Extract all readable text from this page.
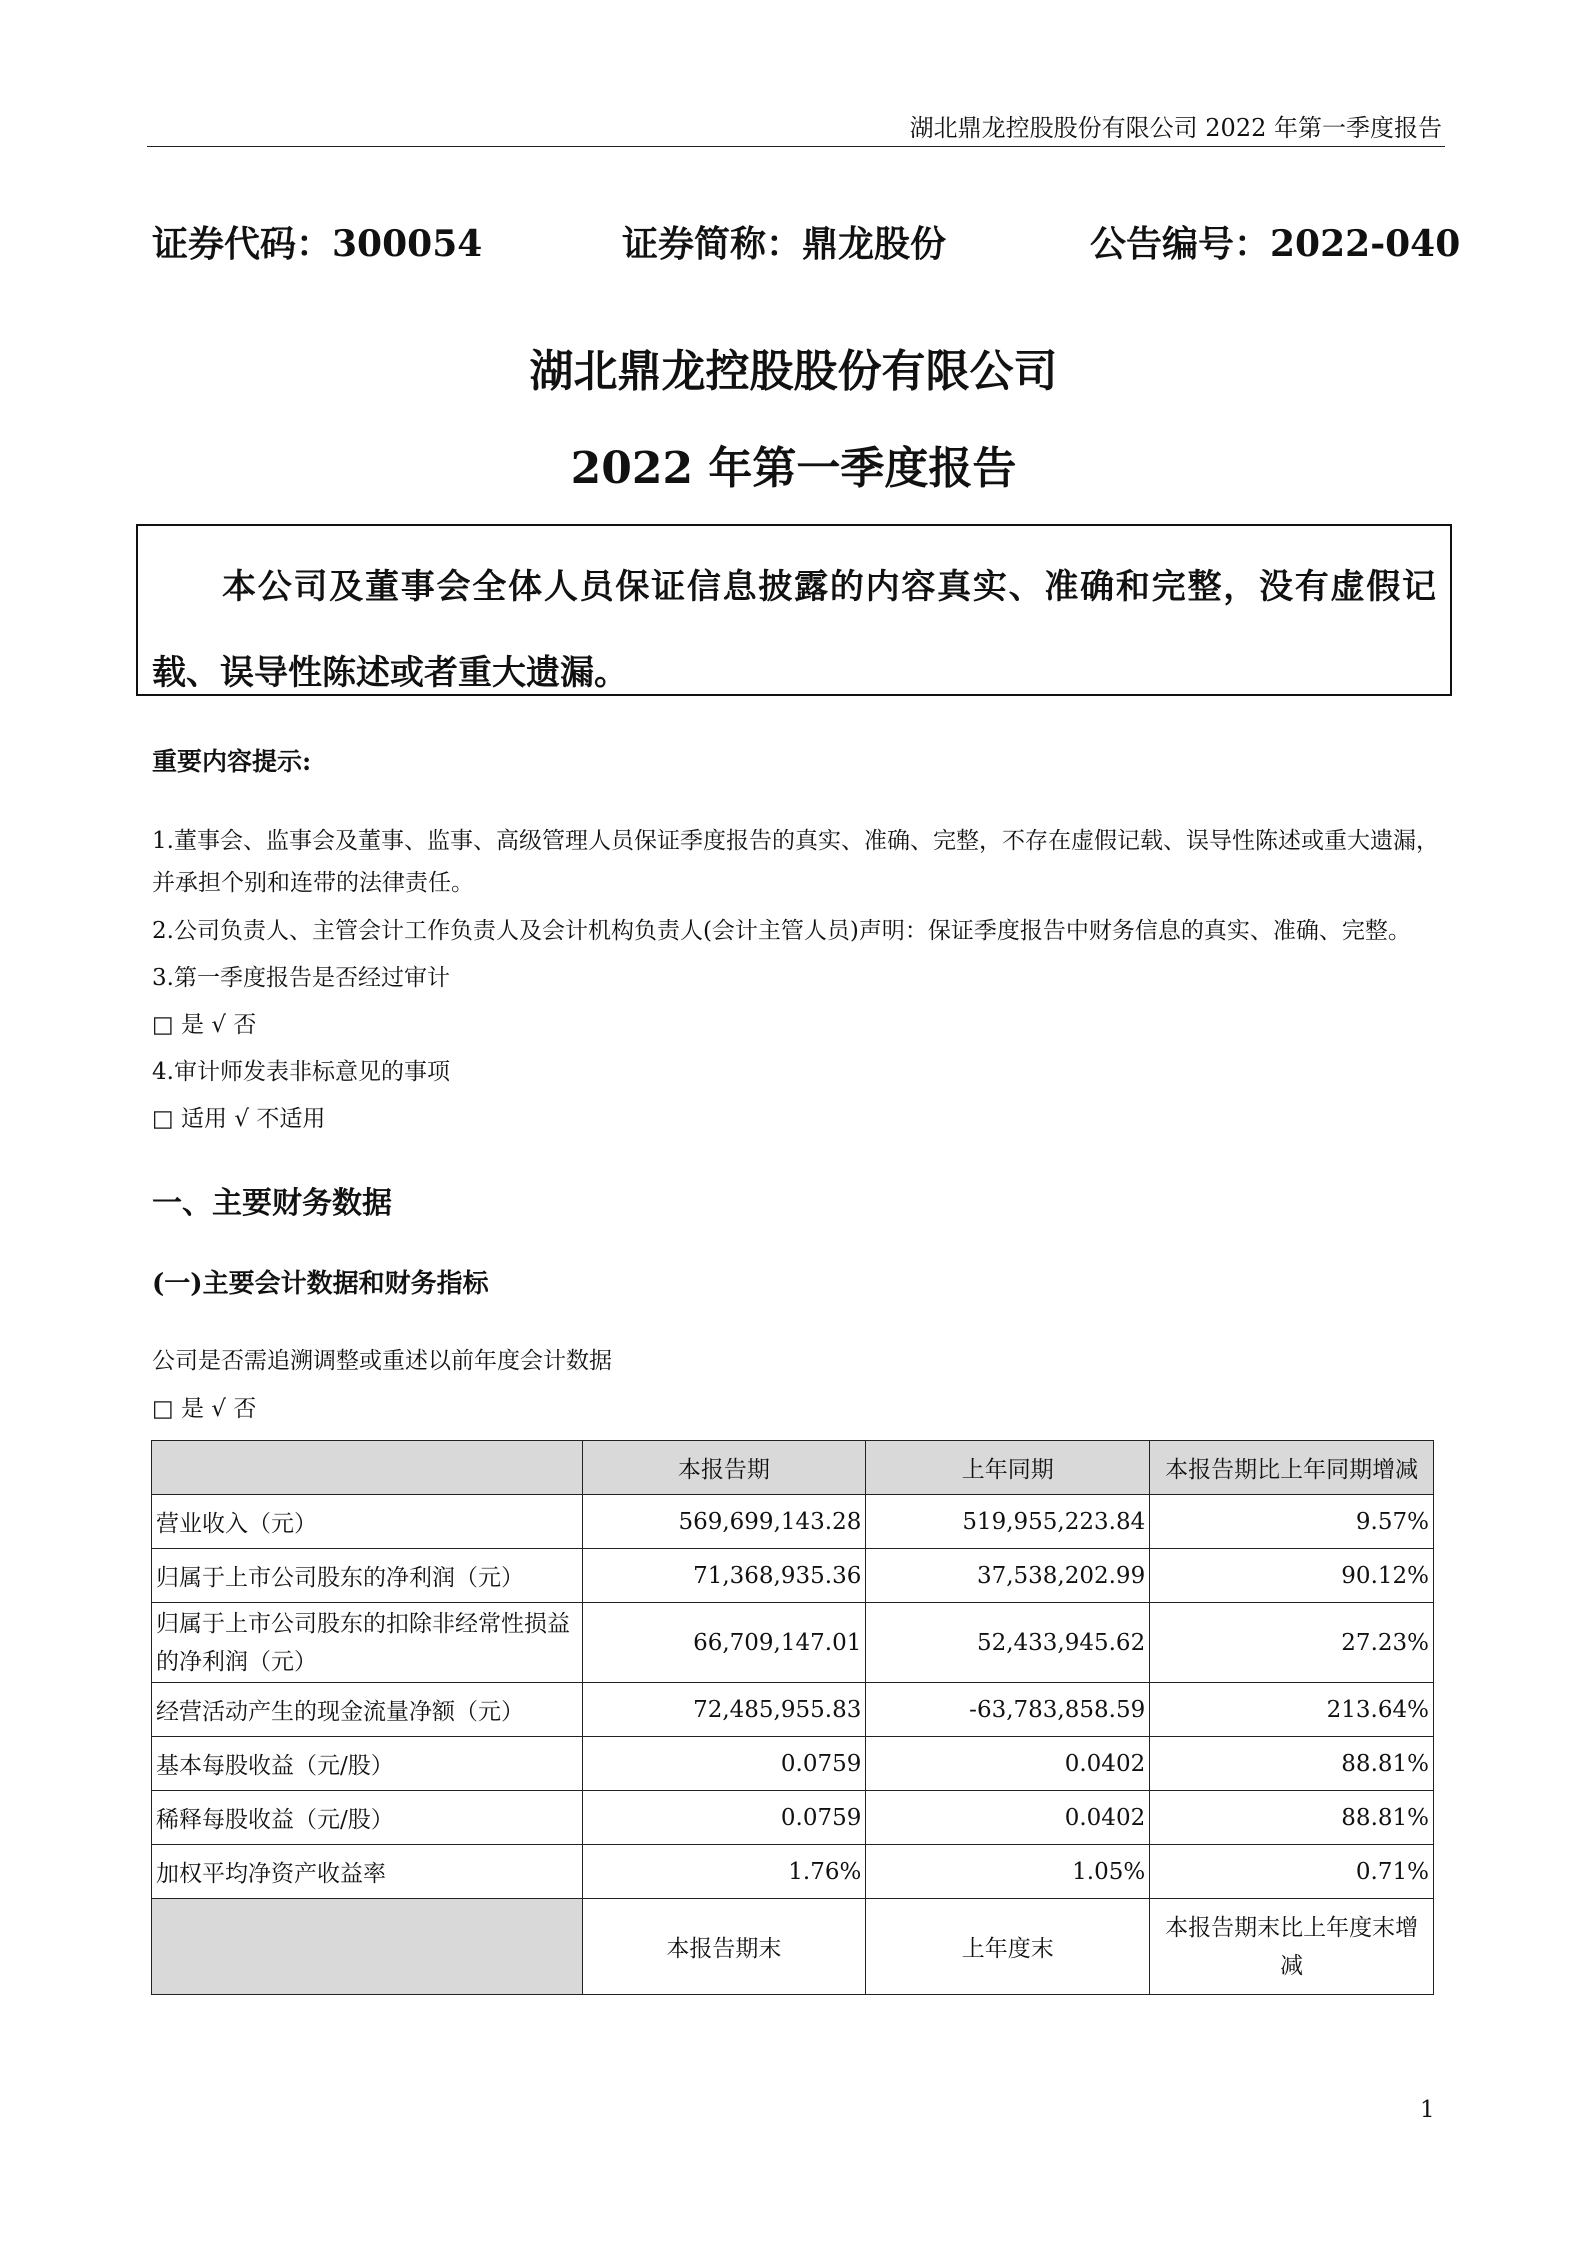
湖北鼎龙控股股份有限公司 2022 年第一季度报告
证券代码：300054	证券简称：鼎龙股份	公告编号：2022-040
湖北鼎龙控股股份有限公司
2022 年第一季度报告
本公司及董事会全体人员保证信息披露的内容真实、准确和完整，没有虚假记载、误导性陈述或者重大遗漏。
重要内容提示:
1.董事会、监事会及董事、监事、高级管理人员保证季度报告的真实、准确、完整，不存在虚假记载、误导性陈述或重大遗漏，并承担个别和连带的法律责任。
2.公司负责人、主管会计工作负责人及会计机构负责人(会计主管人员)声明：保证季度报告中财务信息的真实、准确、完整。
3.第一季度报告是否经过审计
□ 是 √ 否
4.审计师发表非标意见的事项
□ 适用 √ 不适用
一、主要财务数据
(一)主要会计数据和财务指标
公司是否需追溯调整或重述以前年度会计数据
□ 是 √ 否
	本报告期	上年同期	本报告期比上年同期增减
营业收入（元）	569,699,143.28	519,955,223.84	9.57%
归属于上市公司股东的净利润（元）	71,368,935.36	37,538,202.99	90.12%
归属于上市公司股东的扣除非经常性损益的净利润（元）	66,709,147.01	52,433,945.62	27.23%
经营活动产生的现金流量净额（元）	72,485,955.83	-63,783,858.59	213.64%
基本每股收益（元/股）	0.0759	0.0402	88.81%
稀释每股收益（元/股）	0.0759	0.0402	88.81%
加权平均净资产收益率	1.76%	1.05%	0.71%
	本报告期末	上年度末	本报告期末比上年度末增减
1
